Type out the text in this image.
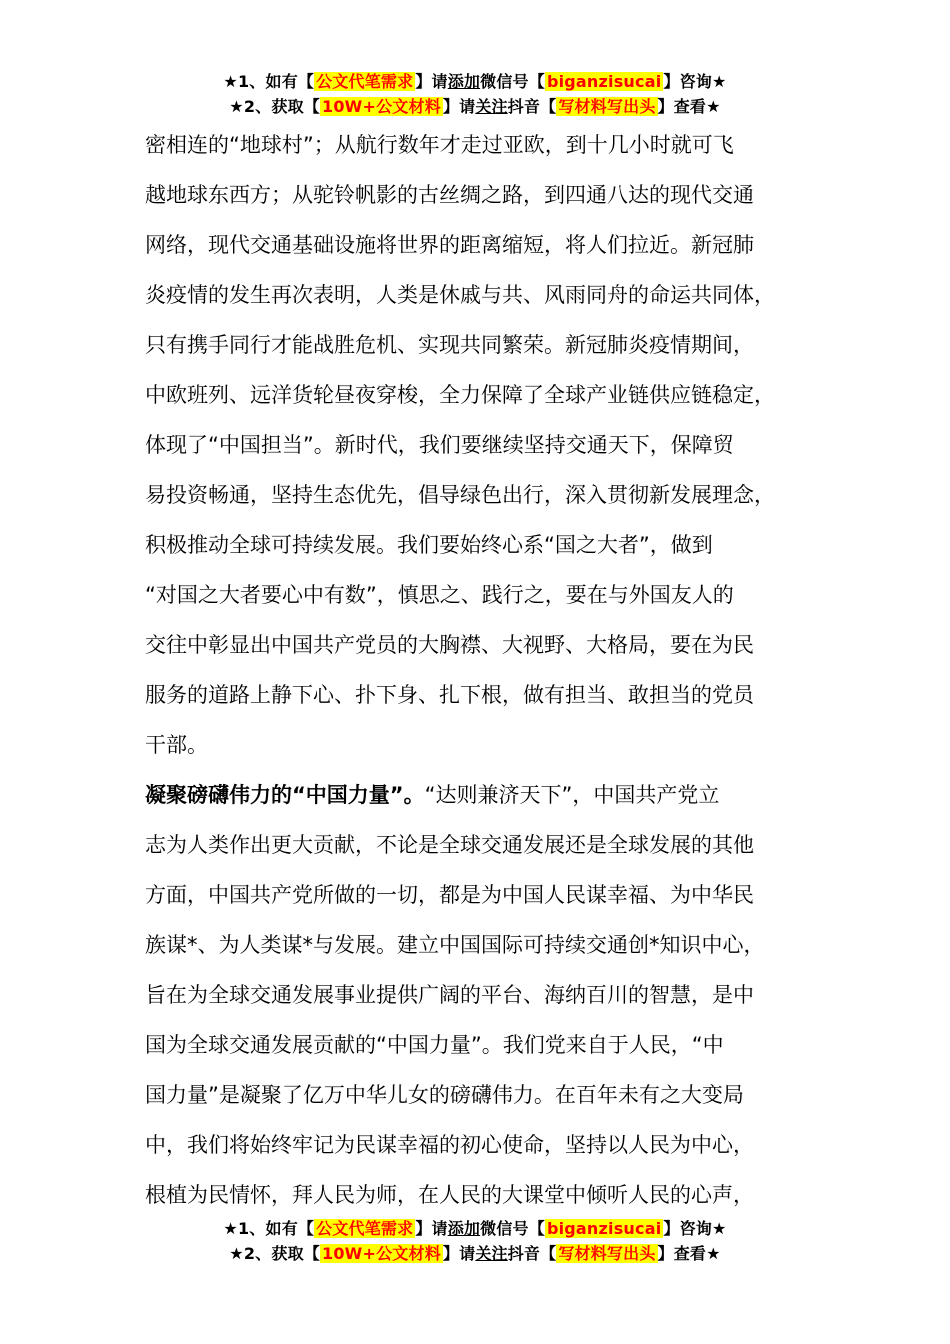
★1、如有【 公文代笔需求 】请添加微信号【 biganzisucai 】咨询★
★2、获取【 10W+公文材料 】请关注抖音【 写材料写出头 】查看★
密相连的“地球村”；从航行数年才走过亚欧，到十几小时就可飞
越地球东西方；从驼铃帆影的古丝绸之路，到四通八达的现代交通
网络，现代交通基础设施将世界的距离缩短，将人们拉近。新冠肺
炎疫情的发生再次表明，人类是休戚与共、风雨同舟的命运共同体，
只有携手同行才能战胜危机、实现共同繁荣。新冠肺炎疫情期间，
中欧班列、远洋货轮昼夜穿梭，全力保障了全球产业链供应链稳定，
体现了“中国担当”。新时代，我们要继续坚持交通天下，保障贸
易投资畅通，坚持生态优先，倡导绿色出行，深入贯彻新发展理念，
积极推动全球可持续发展。我们要始终心系“国之大者”，做到
“对国之大者要心中有数”，慎思之、践行之，要在与外国友人的
交往中彰显出中国共产党员的大胸襟、大视野、大格局，要在为民
服务的道路上静下心、扑下身、扎下根，做有担当、敢担当的党员
干部。
凝聚磅礴伟力的“中国力量”。“达则兼济天下”，中国共产党立
志为人类作出更大贡献，不论是全球交通发展还是全球发展的其他
方面，中国共产党所做的一切，都是为中国人民谋幸福、为中华民
族谋*、为人类谋*与发展。建立中国国际可持续交通创*知识中心，
旨在为全球交通发展事业提供广阔的平台、海纳百川的智慧，是中
国为全球交通发展贡献的“中国力量”。我们党来自于人民，“中
国力量”是凝聚了亿万中华儿女的磅礴伟力。在百年未有之大变局
中，我们将始终牢记为民谋幸福的初心使命，坚持以人民为中心，
根植为民情怀，拜人民为师，在人民的大课堂中倾听人民的心声，
★1、如有【 公文代笔需求 】请添加微信号【 biganzisucai 】咨询★
★2、获取【 10W+公文材料 】请关注抖音【 写材料写出头 】查看★
